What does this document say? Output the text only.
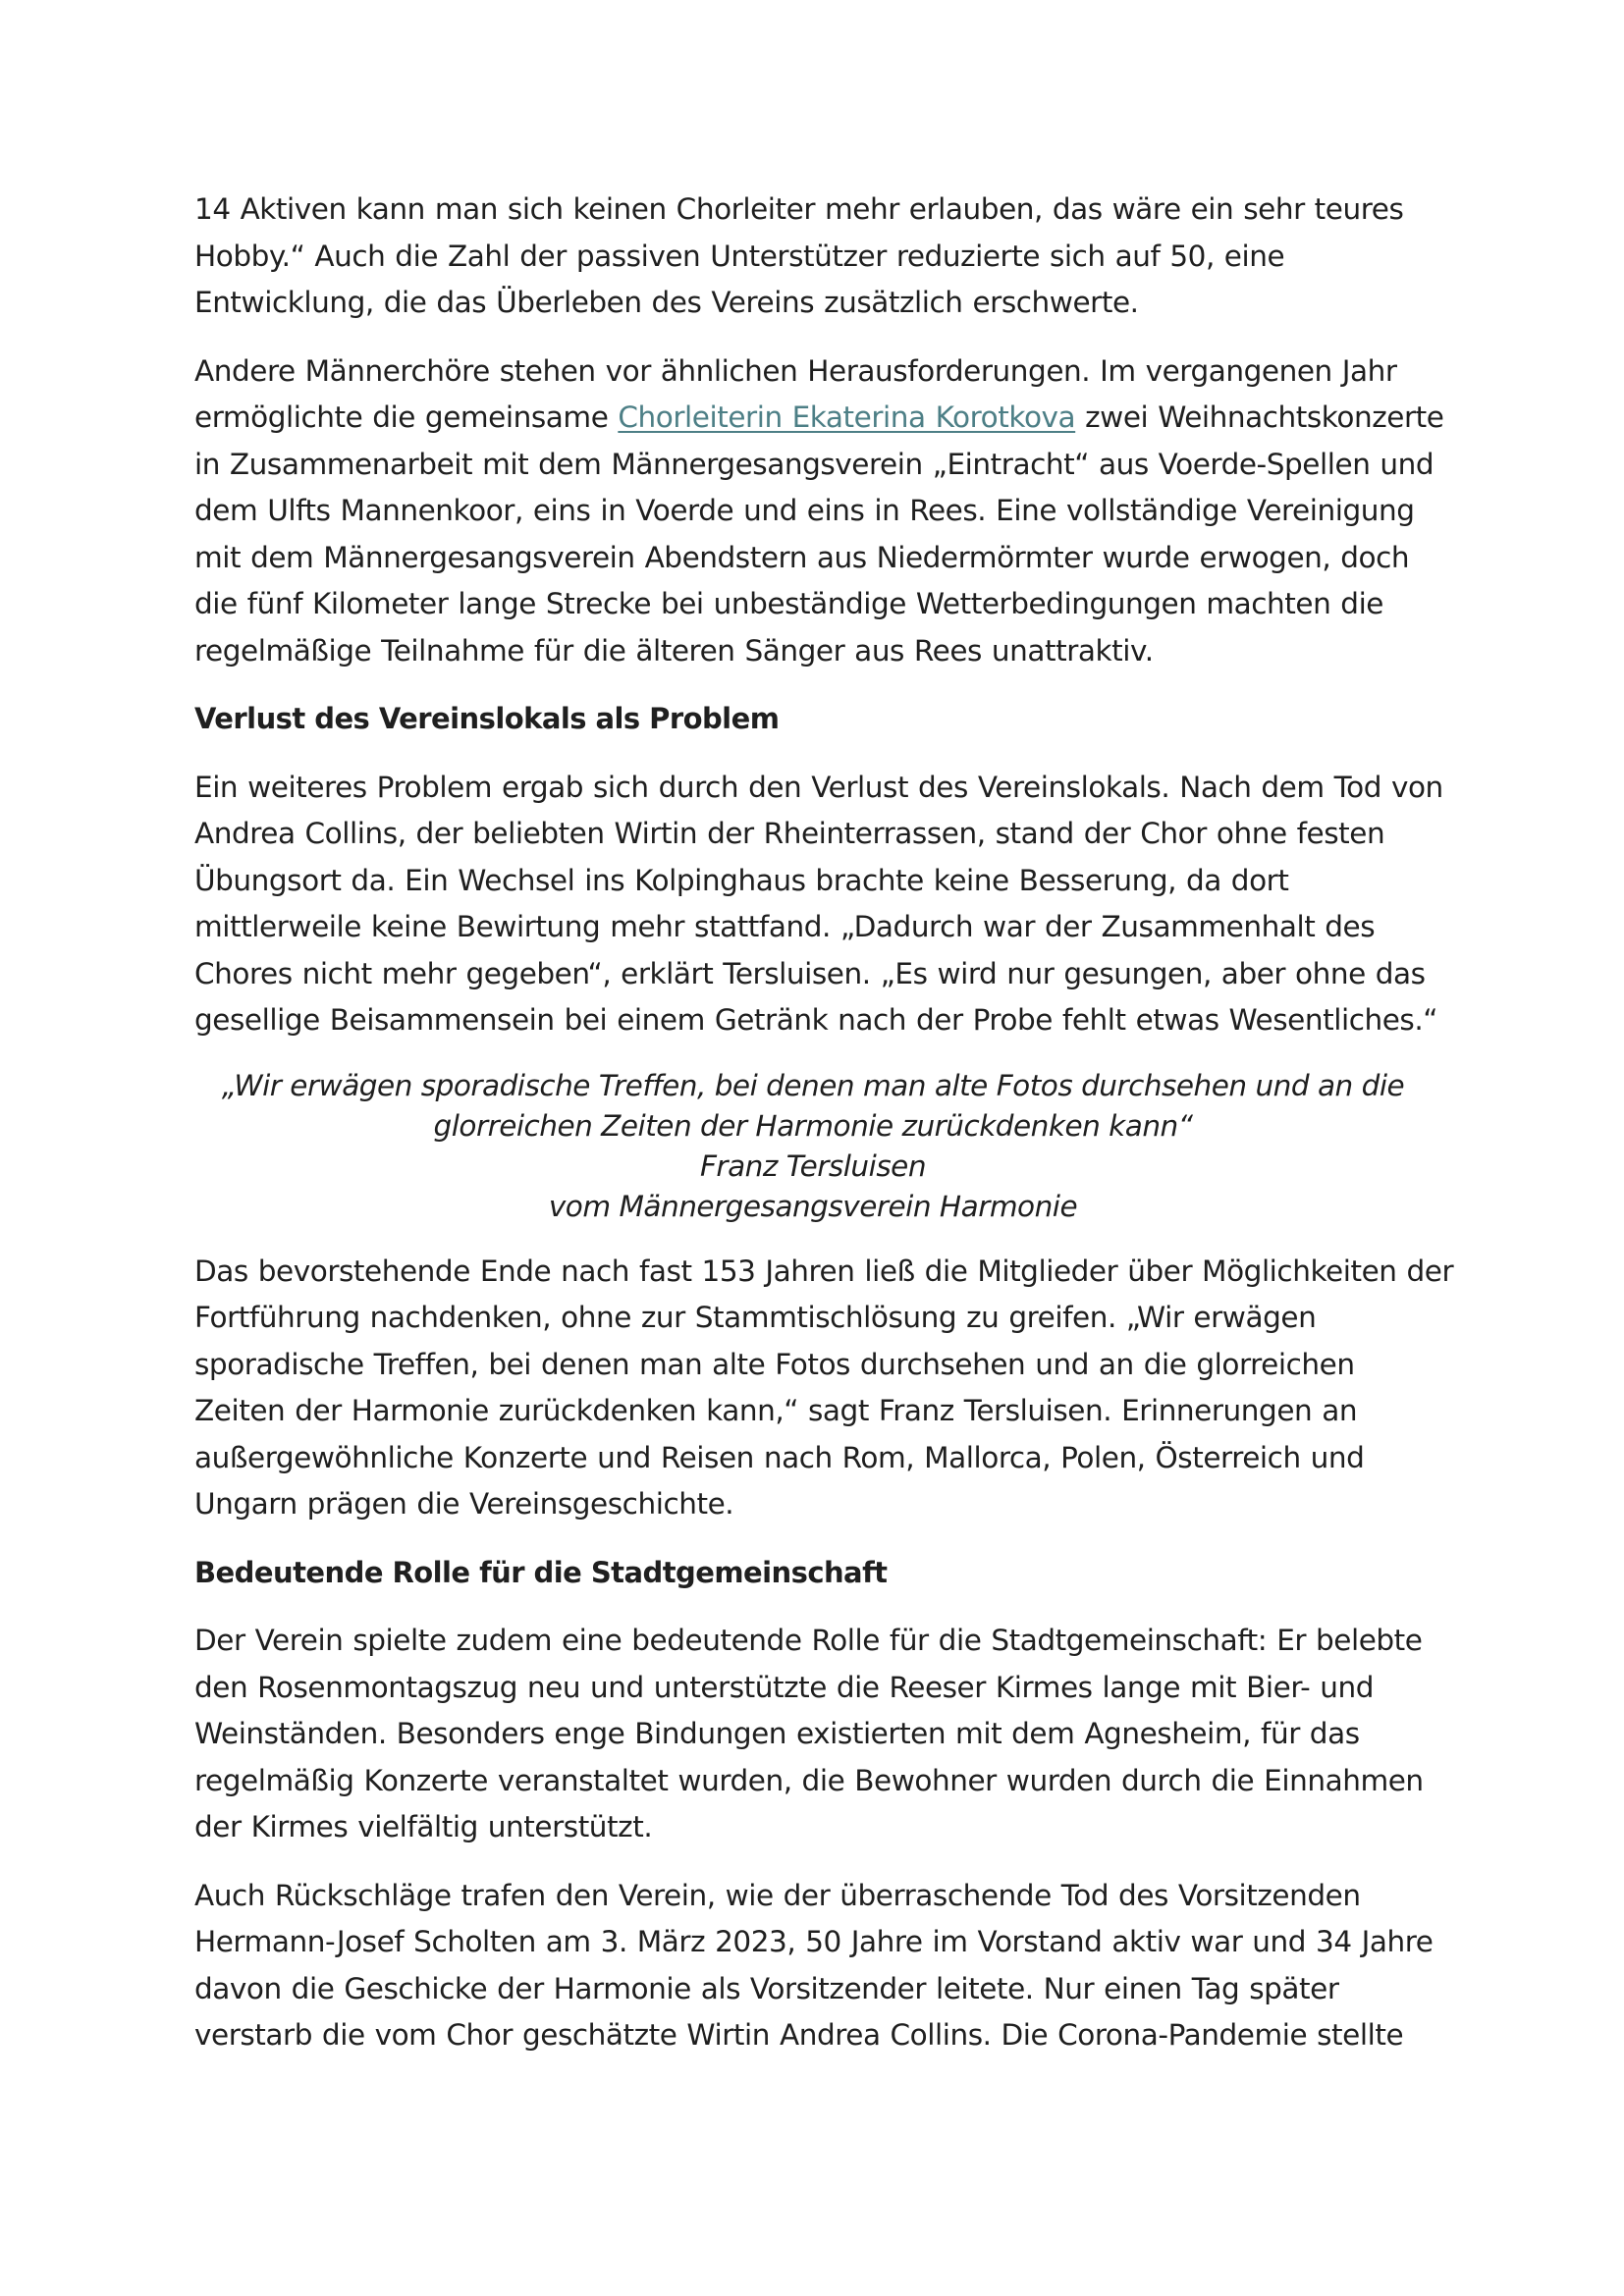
14 Aktiven kann man sich keinen Chorleiter mehr erlauben, das wäre ein sehr teures
Hobby.“ Auch die Zahl der passiven Unterstützer reduzierte sich auf 50, eine
Entwicklung, die das Überleben des Vereins zusätzlich erschwerte.

Andere Männerchöre stehen vor ähnlichen Herausforderungen. Im vergangenen Jahr
ermöglichte die gemeinsame Chorleiterin Ekaterina Korotkova zwei Weihnachtskonzerte
in Zusammenarbeit mit dem Männergesangsverein „Eintracht“ aus Voerde-Spellen und
dem Ulfts Mannenkoor, eins in Voerde und eins in Rees. Eine vollständige Vereinigung
mit dem Männergesangsverein Abendstern aus Niedermörmter wurde erwogen, doch
die fünf Kilometer lange Strecke bei unbeständige Wetterbedingungen machten die
regelmäßige Teilnahme für die älteren Sänger aus Rees unattraktiv.

Verlust des Vereinslokals als Problem

Ein weiteres Problem ergab sich durch den Verlust des Vereinslokals. Nach dem Tod von
Andrea Collins, der beliebten Wirtin der Rheinterrassen, stand der Chor ohne festen
Übungsort da. Ein Wechsel ins Kolpinghaus brachte keine Besserung, da dort
mittlerweile keine Bewirtung mehr stattfand. „Dadurch war der Zusammenhalt des
Chores nicht mehr gegeben“, erklärt Tersluisen. „Es wird nur gesungen, aber ohne das
gesellige Beisammensein bei einem Getränk nach der Probe fehlt etwas Wesentliches.“

„Wir erwägen sporadische Treffen, bei denen man alte Fotos durchsehen und an die
glorreichen Zeiten der Harmonie zurückdenken kann“
Franz Tersluisen
vom Männergesangsverein Harmonie

Das bevorstehende Ende nach fast 153 Jahren ließ die Mitglieder über Möglichkeiten der
Fortführung nachdenken, ohne zur Stammtischlösung zu greifen. „Wir erwägen
sporadische Treffen, bei denen man alte Fotos durchsehen und an die glorreichen
Zeiten der Harmonie zurückdenken kann,“ sagt Franz Tersluisen. Erinnerungen an
außergewöhnliche Konzerte und Reisen nach Rom, Mallorca, Polen, Österreich und
Ungarn prägen die Vereinsgeschichte.

Bedeutende Rolle für die Stadtgemeinschaft

Der Verein spielte zudem eine bedeutende Rolle für die Stadtgemeinschaft: Er belebte
den Rosenmontagszug neu und unterstützte die Reeser Kirmes lange mit Bier- und
Weinständen. Besonders enge Bindungen existierten mit dem Agnesheim, für das
regelmäßig Konzerte veranstaltet wurden, die Bewohner wurden durch die Einnahmen
der Kirmes vielfältig unterstützt.

Auch Rückschläge trafen den Verein, wie der überraschende Tod des Vorsitzenden
Hermann-Josef Scholten am 3. März 2023, 50 Jahre im Vorstand aktiv war und 34 Jahre
davon die Geschicke der Harmonie als Vorsitzender leitete. Nur einen Tag später
verstarb die vom Chor geschätzte Wirtin Andrea Collins. Die Corona-Pandemie stellte
